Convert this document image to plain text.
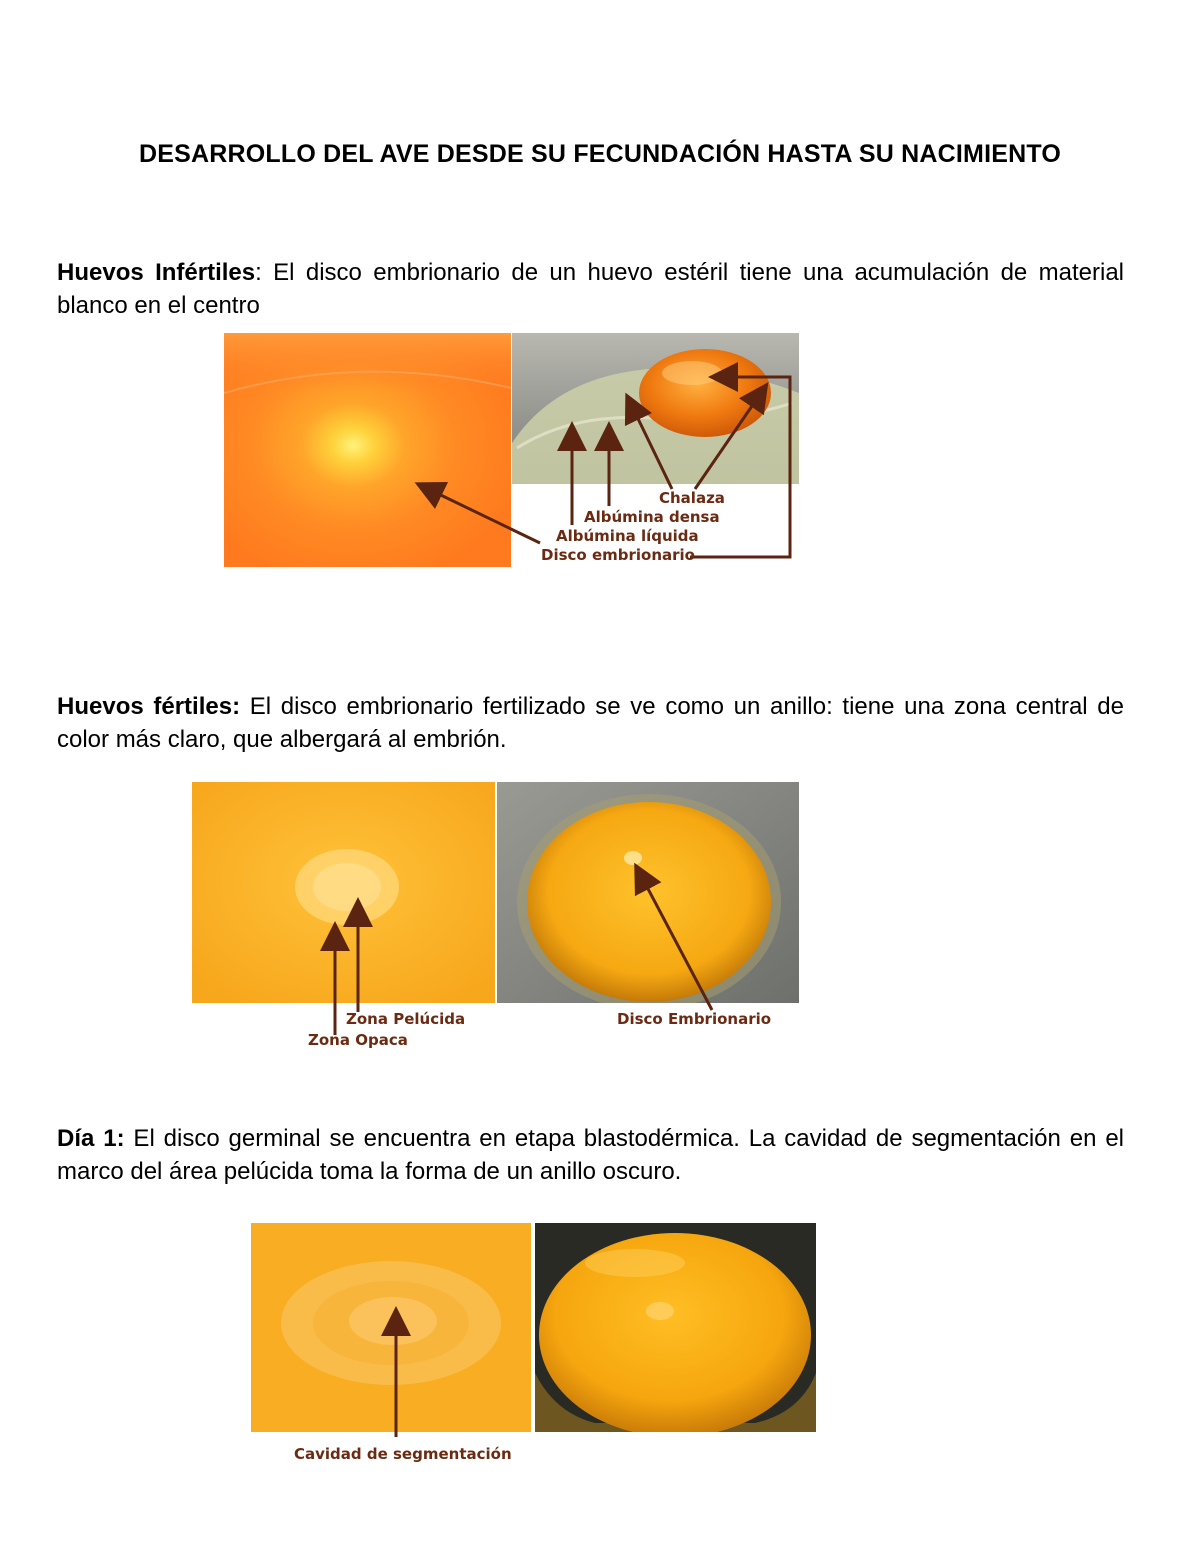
DESARROLLO DEL AVE DESDE SU FECUNDACIÓN HASTA SU NACIMIENTO

Huevos Infértiles: El disco embrionario de un huevo estéril tiene una acumulación de material blanco en el centro

Chalaza
Albúmina densa
Albúmina líquida
Disco embrionario

Huevos fértiles: El disco embrionario fertilizado se ve como un anillo: tiene una zona central de color más claro, que albergará al embrión.

Zona Pelúcida
Zona Opaca
Disco Embrionario

Día 1: El disco germinal se encuentra en etapa blastodérmica. La cavidad de segmentación en el marco del área pelúcida toma la forma de un anillo oscuro.

Cavidad de segmentación
